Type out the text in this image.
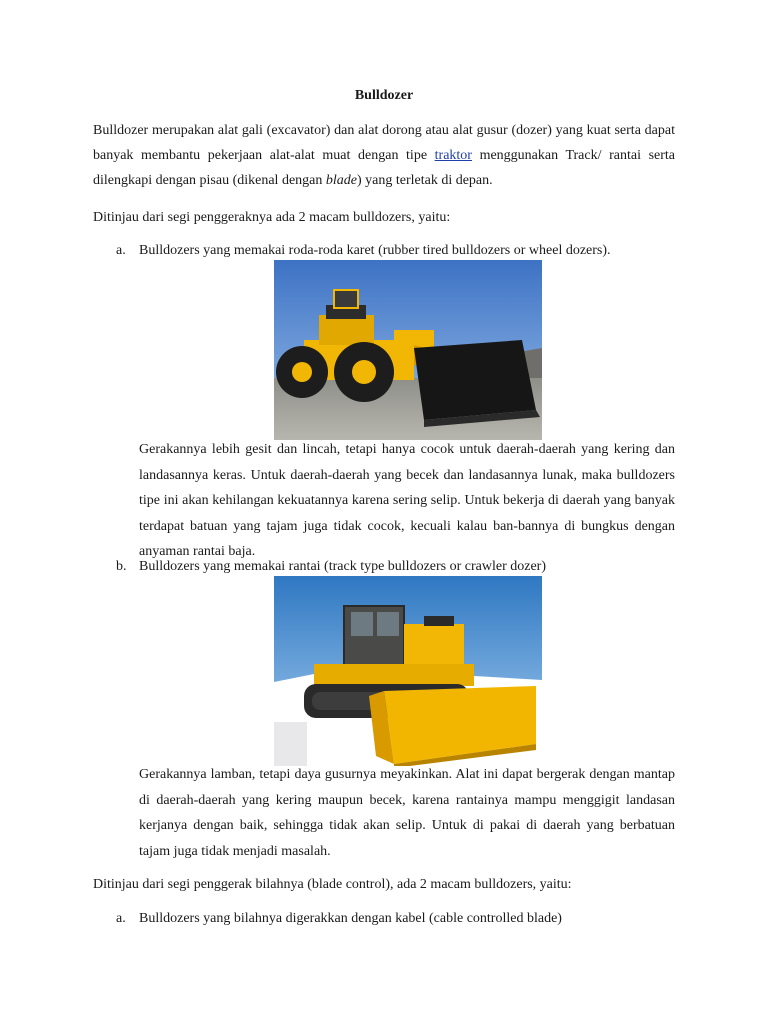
Bulldozer
Bulldozer merupakan alat gali (excavator) dan alat dorong atau alat gusur (dozer) yang kuat serta dapat banyak membantu pekerjaan alat-alat muat dengan tipe traktor menggunakan Track/ rantai serta dilengkapi dengan pisau (dikenal dengan blade) yang terletak di depan.
Ditinjau dari segi penggeraknya ada 2 macam bulldozers, yaitu:
a. Bulldozers yang memakai roda-roda karet (rubber tired bulldozers or wheel dozers).
Gerakannya lebih gesit dan lincah, tetapi hanya cocok untuk daerah-daerah yang kering dan landasannya keras. Untuk daerah-daerah yang becek dan landasannya lunak, maka bulldozers tipe ini akan kehilangan kekuatannya karena sering selip. Untuk bekerja di daerah yang banyak terdapat batuan yang tajam juga tidak cocok, kecuali kalau ban-bannya di bungkus dengan anyaman rantai baja.
b. Bulldozers yang memakai rantai (track type bulldozers or crawler dozer)
Gerakannya lamban, tetapi daya gusurnya meyakinkan. Alat ini dapat bergerak dengan mantap di daerah-daerah yang kering maupun becek, karena rantainya mampu menggigit landasan kerjanya dengan baik, sehingga tidak akan selip. Untuk di pakai di daerah yang berbatuan tajam juga tidak menjadi masalah.
Ditinjau dari segi penggerak bilahnya (blade control), ada 2 macam bulldozers, yaitu:
a. Bulldozers yang bilahnya digerakkan dengan kabel (cable controlled blade)
